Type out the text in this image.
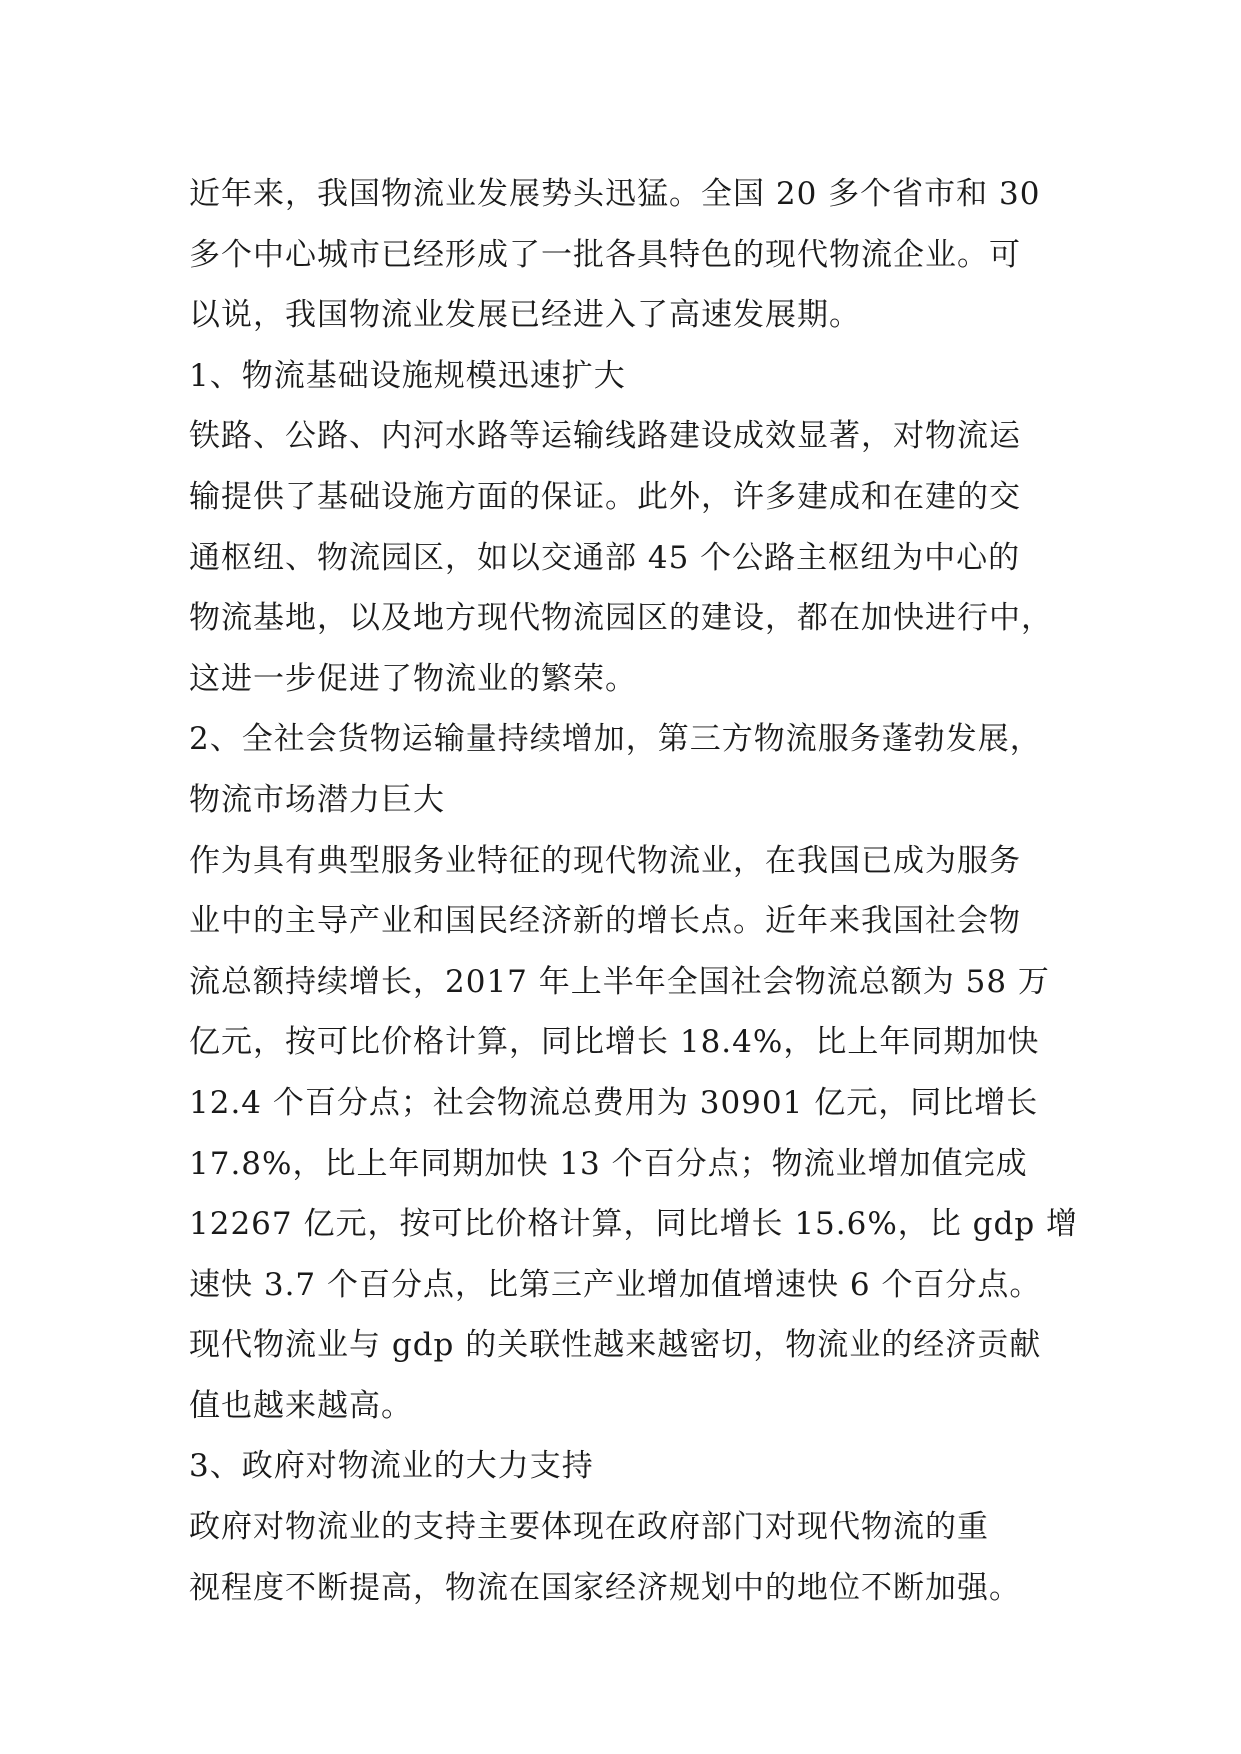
近年来，我国物流业发展势头迅猛。全国 20 多个省市和 30
多个中心城市已经形成了一批各具特色的现代物流企业。可
以说，我国物流业发展已经进入了高速发展期。
1、物流基础设施规模迅速扩大
铁路、公路、内河水路等运输线路建设成效显著，对物流运
输提供了基础设施方面的保证。此外，许多建成和在建的交
通枢纽、物流园区，如以交通部 45 个公路主枢纽为中心的
物流基地，以及地方现代物流园区的建设，都在加快进行中，
这进一步促进了物流业的繁荣。
2、全社会货物运输量持续增加，第三方物流服务蓬勃发展，
物流市场潜力巨大
作为具有典型服务业特征的现代物流业，在我国已成为服务
业中的主导产业和国民经济新的增长点。近年来我国社会物
流总额持续增长，2017 年上半年全国社会物流总额为 58 万
亿元，按可比价格计算，同比增长 18.4%，比上年同期加快
12.4 个百分点；社会物流总费用为 30901 亿元，同比增长
17.8%，比上年同期加快 13 个百分点；物流业增加值完成
12267 亿元，按可比价格计算，同比增长 15.6%，比 gdp 增
速快 3.7 个百分点，比第三产业增加值增速快 6 个百分点。
现代物流业与 gdp 的关联性越来越密切，物流业的经济贡献
值也越来越高。
3、政府对物流业的大力支持
政府对物流业的支持主要体现在政府部门对现代物流的重
视程度不断提高，物流在国家经济规划中的地位不断加强。
